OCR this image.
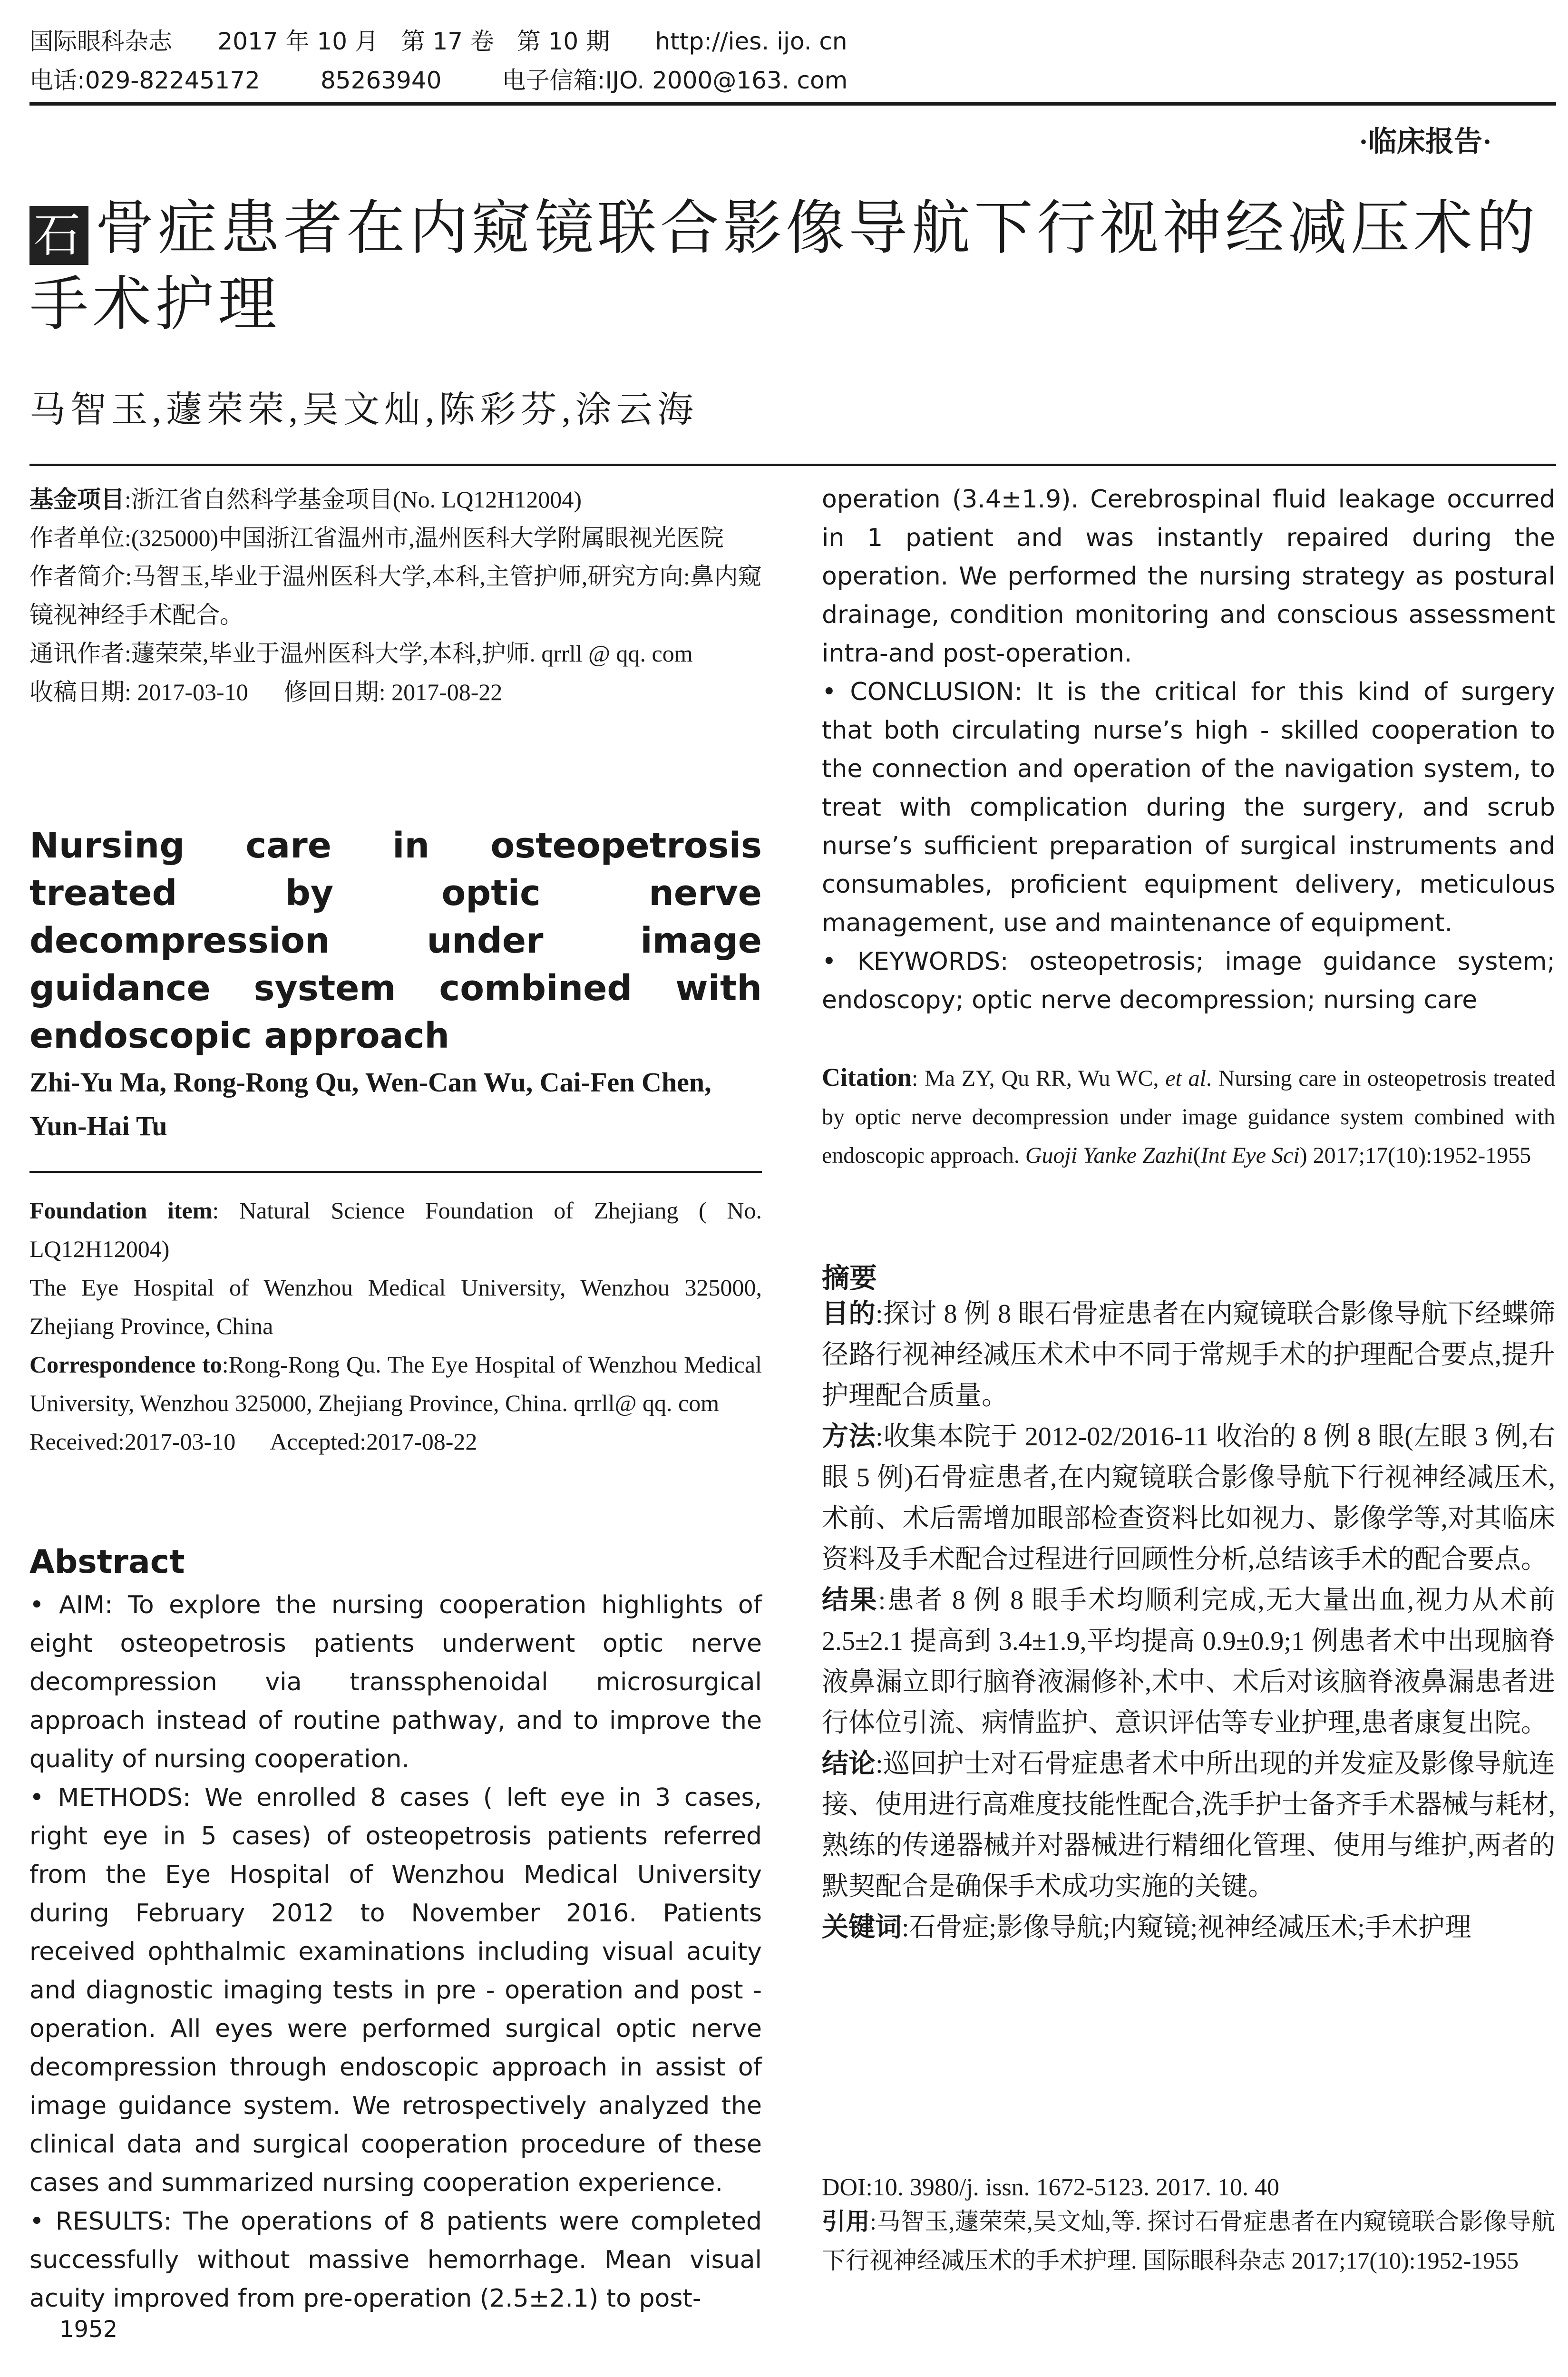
国际眼科杂志 2017 年 10 月   第 17 卷   第 10 期 http://ies. ijo. cn
电话:029-82245172	85263940	电子信箱:IJO. 2000@163. com
·临床报告·
石 骨症患者在内窥镜联合影像导航下行视神经减压术的手术护理
马智玉,蘧荣荣,吴文灿,陈彩芬,涂云海

基金项目:浙江省自然科学基金项目(No. LQ12H12004)

作者单位:(325000)中国浙江省温州市,温州医科大学附属眼视光医院

作者简介:马智玉,毕业于温州医科大学,本科,主管护师,研究方向:鼻内窥镜视神经手术配合。

通讯作者:蘧荣荣,毕业于温州医科大学,本科,护师. qrrll @ qq. com

收稿日期: 2017-03-10      修回日期: 2017-08-22

Nursing care in osteopetrosis treated by optic nerve decompression under image guidance system combined with endoscopic approach
Zhi-Yu Ma, Rong-Rong Qu, Wen-Can Wu, Cai-Fen Chen, Yun-Hai Tu

Foundation item: Natural Science Foundation of Zhejiang ( No. LQ12H12004)

The Eye Hospital of Wenzhou Medical University, Wenzhou 325000, Zhejiang Province, China

Correspondence to:Rong-Rong Qu. The Eye Hospital of Wenzhou Medical University, Wenzhou 325000, Zhejiang Province, China. qrrll@ qq. com

Received:2017-03-10      Accepted:2017-08-22

Abstract

• AIM: To explore the nursing cooperation highlights of eight osteopetrosis patients underwent optic nerve decompression via transsphenoidal microsurgical approach instead of routine pathway, and to improve the quality of nursing cooperation.

• METHODS: We enrolled 8 cases ( left eye in 3 cases, right eye in 5 cases) of osteopetrosis patients referred from the Eye Hospital of Wenzhou Medical University during February 2012 to November 2016. Patients received ophthalmic examinations including visual acuity and diagnostic imaging tests in pre - operation and post - operation. All eyes were performed surgical optic nerve decompression through endoscopic approach in assist of image guidance system. We retrospectively analyzed the clinical data and surgical cooperation procedure of these cases and summarized nursing cooperation experience.

• RESULTS: The operations of 8 patients were completed successfully without massive hemorrhage. Mean visual acuity improved from pre-operation (2.5±2.1) to post-

operation (3.4±1.9). Cerebrospinal fluid leakage occurred in 1 patient and was instantly repaired during the operation. We performed the nursing strategy as postural drainage, condition monitoring and conscious assessment intra-and post-operation.

• CONCLUSION: It is the critical for this kind of surgery that both circulating nurse’s high - skilled cooperation to the connection and operation of the navigation system, to treat with complication during the surgery, and scrub nurse’s sufficient preparation of surgical instruments and consumables, proficient equipment delivery, meticulous management, use and maintenance of equipment.

• KEYWORDS: osteopetrosis; image guidance system; endoscopy; optic nerve decompression; nursing care

Citation: Ma ZY, Qu RR, Wu WC, et al. Nursing care in osteopetrosis treated by optic nerve decompression under image guidance system combined with endoscopic approach. Guoji Yanke Zazhi(Int Eye Sci) 2017;17(10):1952-1955
摘要

目的:探讨 8 例 8 眼石骨症患者在内窥镜联合影像导航下经蝶筛径路行视神经减压术术中不同于常规手术的护理配合要点,提升护理配合质量。

方法:收集本院于 2012-02/2016-11 收治的 8 例 8 眼(左眼 3 例,右眼 5 例)石骨症患者,在内窥镜联合影像导航下行视神经减压术,术前、术后需增加眼部检查资料比如视力、影像学等,对其临床资料及手术配合过程进行回顾性分析,总结该手术的配合要点。

结果:患者 8 例 8 眼手术均顺利完成,无大量出血,视力从术前 2.5±2.1 提高到 3.4±1.9,平均提高 0.9±0.9;1 例患者术中出现脑脊液鼻漏立即行脑脊液漏修补,术中、术后对该脑脊液鼻漏患者进行体位引流、病情监护、意识评估等专业护理,患者康复出院。

结论:巡回护士对石骨症患者术中所出现的并发症及影像导航连接、使用进行高难度技能性配合,洗手护士备齐手术器械与耗材,熟练的传递器械并对器械进行精细化管理、使用与维护,两者的默契配合是确保手术成功实施的关键。

关键词:石骨症;影像导航;内窥镜;视神经减压术;手术护理

DOI:10. 3980/j. issn. 1672-5123. 2017. 10. 40
引用:马智玉,蘧荣荣,吴文灿,等. 探讨石骨症患者在内窥镜联合影像导航下行视神经减压术的手术护理. 国际眼科杂志 2017;17(10):1952-1955
1952
